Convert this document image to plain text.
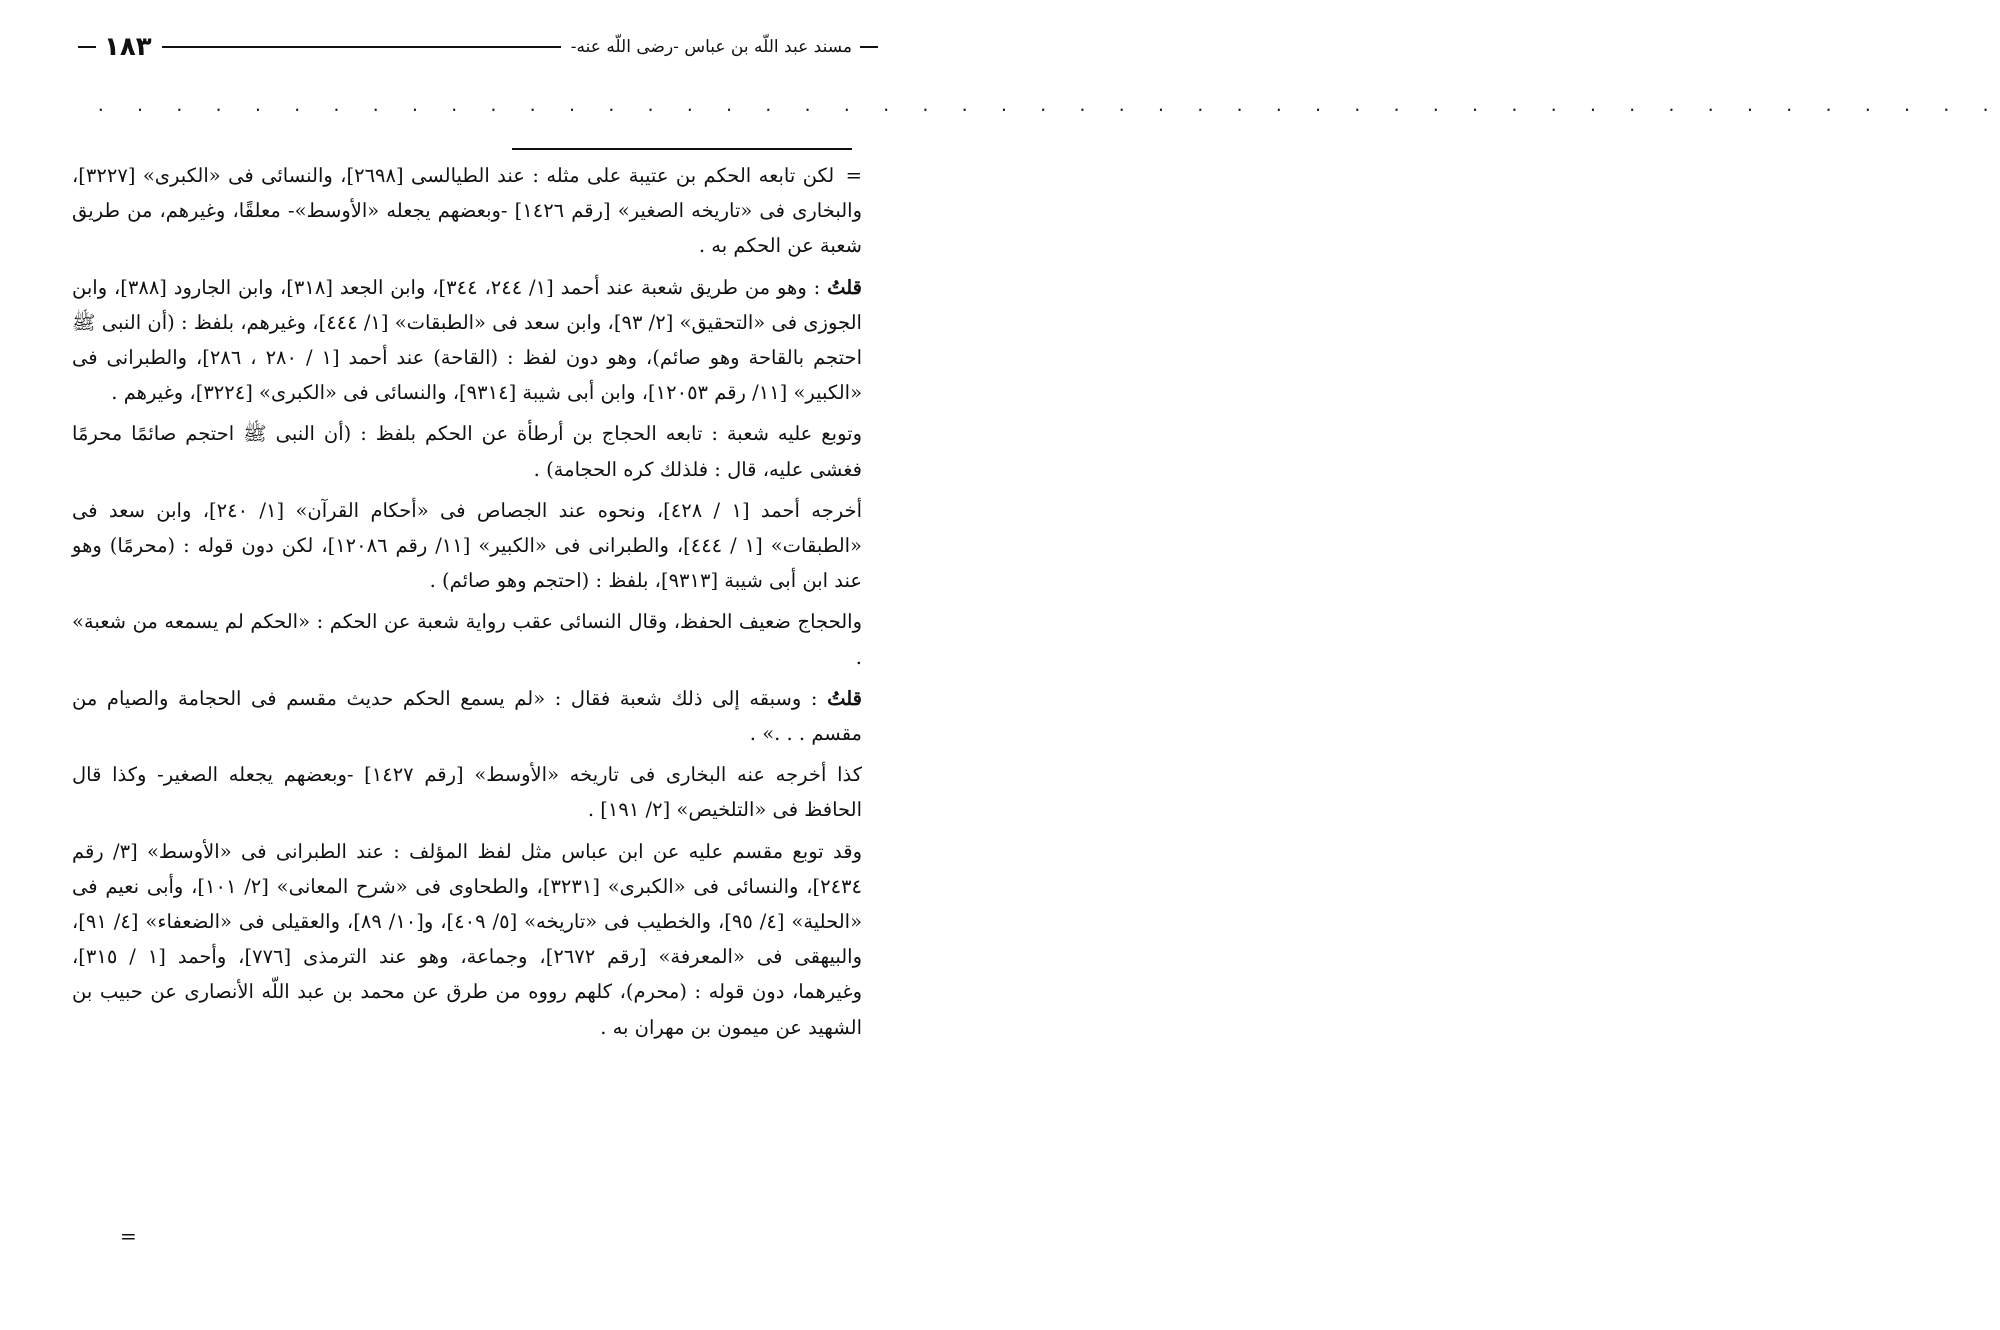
مسند عبد اللّه بن عباس -رضى اللّه عنه-
١٨٣
. . . . . . . . . . . . . . . . . . . . . . . . . . . . . . . . . . . . . . . . . . . . . . . . .

= لكن تابعه الحكم بن عتيبة على مثله : عند الطيالسى [٢٦٩٨]، والنسائى فى «الكبرى» [٣٢٢٧]، والبخارى فى «تاريخه الصغير» [رقم ١٤٢٦] -وبعضهم يجعله «الأوسط»- معلقًا، وغيرهم، من طريق شعبة عن الحكم به .

قلتُ : وهو من طريق شعبة عند أحمد [١/ ٢٤٤، ٣٤٤]، وابن الجعد [٣١٨]، وابن الجارود [٣٨٨]، وابن الجوزى فى «التحقيق» [٢/ ٩٣]، وابن سعد فى «الطبقات» [١/ ٤٤٤]، وغيرهم، بلفظ : (أن النبى ﷺ احتجم بالقاحة وهو صائم)، وهو دون لفظ : (القاحة) عند أحمد [١ / ٢٨٠ ، ٢٨٦]، والطبرانى فى «الكبير» [١١/ رقم ١٢٠٥٣]، وابن أبى شيبة [٩٣١٤]، والنسائى فى «الكبرى» [٣٢٢٤]، وغيرهم .

وتوبع عليه شعبة : تابعه الحجاج بن أرطأة عن الحكم بلفظ : (أن النبى ﷺ احتجم صائمًا محرمًا فغشى عليه، قال : فلذلك كره الحجامة) .

أخرجه أحمد [١ / ٤٢٨]، ونحوه عند الجصاص فى «أحكام القرآن» [١/ ٢٤٠]، وابن سعد فى «الطبقات» [١ / ٤٤٤]، والطبرانى فى «الكبير» [١١/ رقم ١٢٠٨٦]، لكن دون قوله : (محرمًا) وهو عند ابن أبى شيبة [٩٣١٣]، بلفظ : (احتجم وهو صائم) .

والحجاج ضعيف الحفظ، وقال النسائى عقب رواية شعبة عن الحكم : «الحكم لم يسمعه من شعبة» .

قلتُ : وسبقه إلى ذلك شعبة فقال : «لم يسمع الحكم حديث مقسم فى الحجامة والصيام من مقسم . . .» .

كذا أخرجه عنه البخارى فى تاريخه «الأوسط» [رقم ١٤٢٧] -وبعضهم يجعله الصغير- وكذا قال الحافظ فى «التلخيص» [٢/ ١٩١] .

وقد توبع مقسم عليه عن ابن عباس مثل لفظ المؤلف : عند الطبرانى فى «الأوسط» [٣/ رقم ٢٤٣٤]، والنسائى فى «الكبرى» [٣٢٣١]، والطحاوى فى «شرح المعانى» [٢/ ١٠١]، وأبى نعيم فى «الحلية» [٤/ ٩٥]، والخطيب فى «تاريخه» [٥/ ٤٠٩]، و[١٠/ ٨٩]، والعقيلى فى «الضعفاء» [٤/ ٩١]، والبيهقى فى «المعرفة» [رقم ٢٦٧٢]، وجماعة، وهو عند الترمذى [٧٧٦]، وأحمد [١ / ٣١٥]، وغيرهما، دون قوله : (محرم)، كلهم رووه من طرق عن محمد بن عبد اللّه الأنصارى عن حبيب بن الشهيد عن ميمون بن مهران به .

=
